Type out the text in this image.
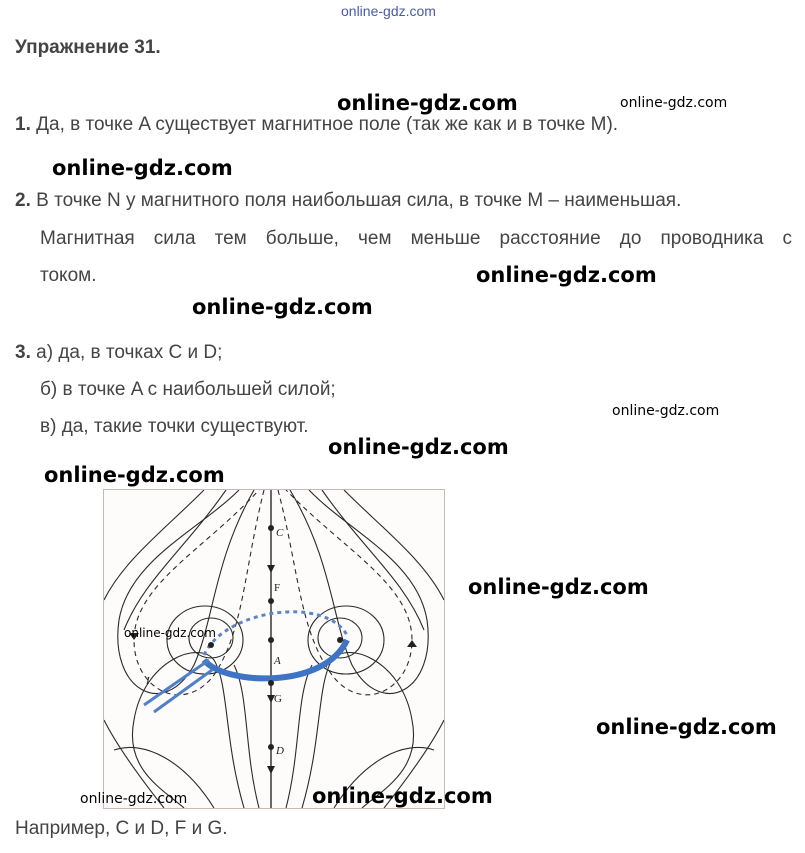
online-gdz.com
Упражнение 31.
1. Да, в точке A существует магнитное поле (так же как и в точке M).
2. В точке N у магнитного поля наибольшая сила, в точке M – наименьшая.
Магнитная сила тем больше, чем меньше расстояние до проводника с
током.
3. а) да, в точках C и D;
б) в точке A с наибольшей силой;
в) да, такие точки существуют.
C
F
A
G
D
I
Например, C и D, F и G.
online-gdz.com	online-gdz.com
online-gdz.com
online-gdz.com
online-gdz.com
online-gdz.com
online-gdz.com
online-gdz.com
online-gdz.com
online-gdz.com
online-gdz.com
online-gdz.com	online-gdz.com
